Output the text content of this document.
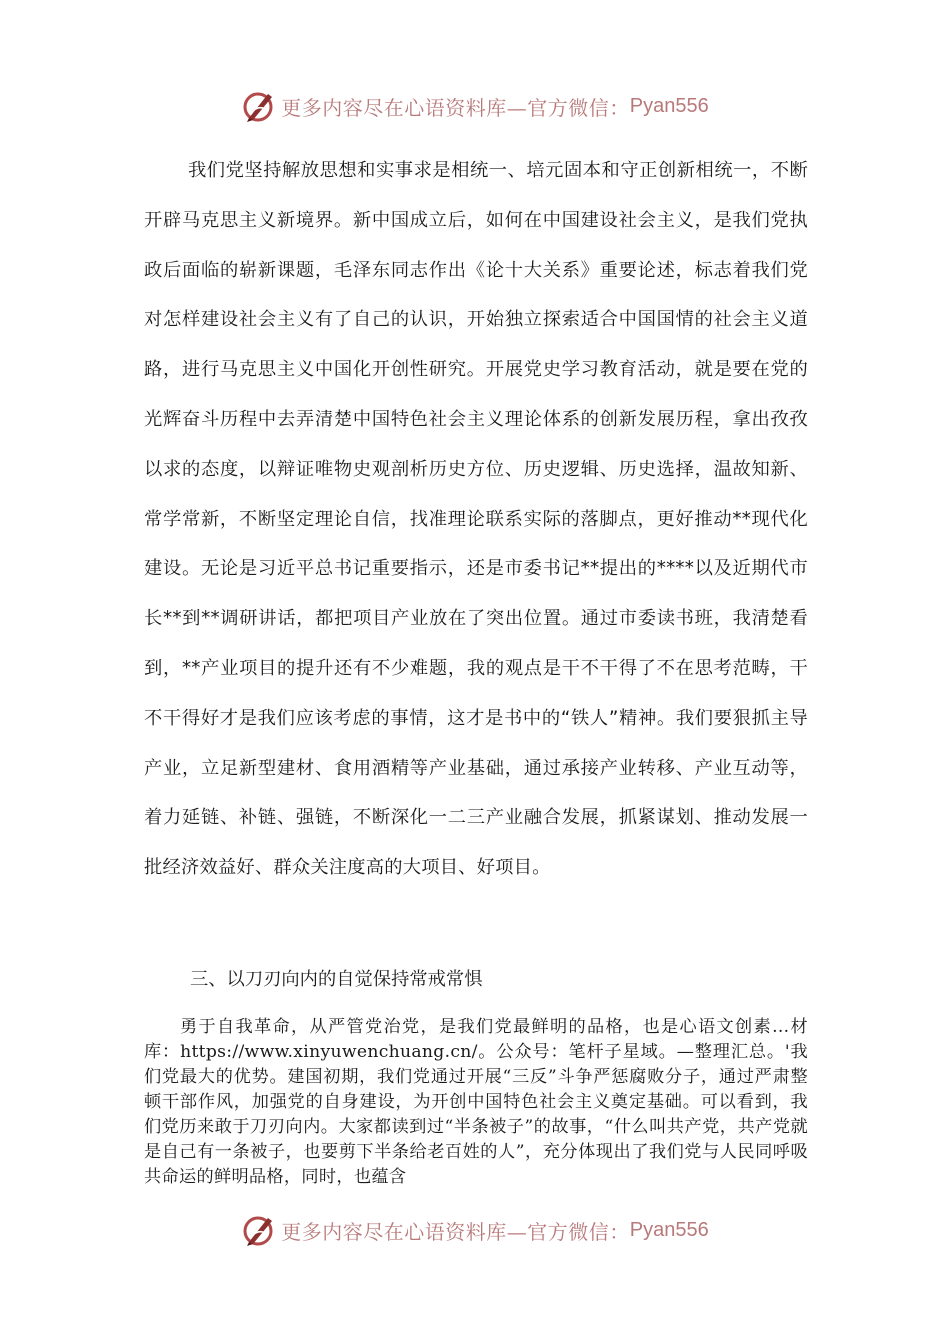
更多内容尽在心语资料库—官方微信： Pyan556

我们党坚持解放思想和实事求是相统一、培元固本和守正创新相统一，不断开辟马克思主义新境界。新中国成立后，如何在中国建设社会主义，是我们党执政后面临的崭新课题，毛泽东同志作出《论十大关系》重要论述，标志着我们党对怎样建设社会主义有了自己的认识，开始独立探索适合中国国情的社会主义道路，进行马克思主义中国化开创性研究。开展党史学习教育活动，就是要在党的光辉奋斗历程中去弄清楚中国特色社会主义理论体系的创新发展历程，拿出孜孜以求的态度，以辩证唯物史观剖析历史方位、历史逻辑、历史选择，温故知新、常学常新，不断坚定理论自信，找准理论联系实际的落脚点，更好推动**现代化建设。无论是习近平总书记重要指示，还是市委书记**提出的****以及近期代市长**到**调研讲话，都把项目产业放在了突出位置。通过市委读书班，我清楚看到，**产业项目的提升还有不少难题，我的观点是干不干得了不在思考范畴，干不干得好才是我们应该考虑的事情，这才是书中的“铁人”精神。我们要狠抓主导产业，立足新型建材、食用酒精等产业基础，通过承接产业转移、产业互动等，着力延链、补链、强链，不断深化一二三产业融合发展，抓紧谋划、推动发展一批经济效益好、群众关注度高的大项目、好项目。

三、以刀刃向内的自觉保持常戒常惧

勇于自我革命，从严管党治党，是我们党最鲜明的品格，也是心语文创素…材库：https://www.xinyuwenchuang.cn/。公众号：笔杆子星域。—整理汇总。'我们党最大的优势。建国初期，我们党通过开展“三反”斗争严惩腐败分子，通过严肃整顿干部作风，加强党的自身建设，为开创中国特色社会主义奠定基础。可以看到，我们党历来敢于刀刃向内。大家都读到过“半条被子”的故事，“什么叫共产党，共产党就是自己有一条被子，也要剪下半条给老百姓的人”，充分体现出了我们党与人民同呼吸共命运的鲜明品格，同时，也蕴含

更多内容尽在心语资料库—官方微信： Pyan556
